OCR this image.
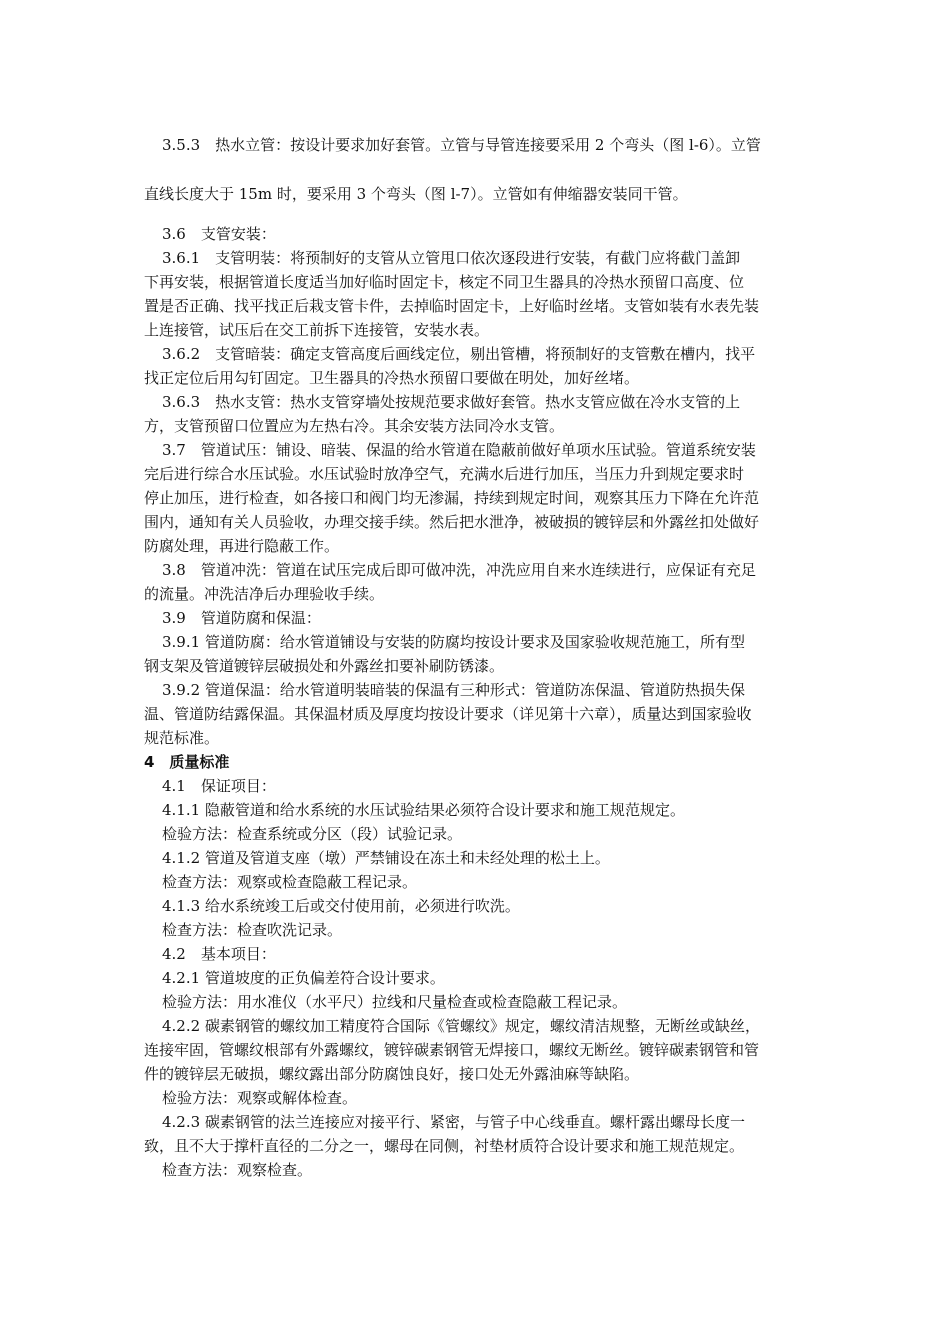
3.5.3　热水立管：按设计要求加好套管。立管与导管连接要采用 2 个弯头（图 l-6）。立管
直线长度大于 15m 时，要采用 3 个弯头（图 l-7）。立管如有伸缩器安装同干管。
3.6　支管安装：
3.6.1　支管明装：将预制好的支管从立管甩口依次逐段进行安装，有截门应将截门盖卸
下再安装，根据管道长度适当加好临时固定卡，核定不同卫生器具的冷热水预留口高度、位
置是否正确、找平找正后栽支管卡件，去掉临时固定卡，上好临时丝堵。支管如装有水表先装
上连接管，试压后在交工前拆下连接管，安装水表。
3.6.2　支管暗装：确定支管高度后画线定位，剔出管槽，将预制好的支管敷在槽内，找平
找正定位后用勾钉固定。卫生器具的冷热水预留口要做在明处，加好丝堵。
3.6.3　热水支管：热水支管穿墙处按规范要求做好套管。热水支管应做在冷水支管的上
方，支管预留口位置应为左热右冷。其余安装方法同冷水支管。
3.7　管道试压：铺设、暗装、保温的给水管道在隐蔽前做好单项水压试验。管道系统安装
完后进行综合水压试验。水压试验时放净空气，充满水后进行加压，当压力升到规定要求时
停止加压，进行检查，如各接口和阀门均无渗漏，持续到规定时间，观察其压力下降在允许范
围内，通知有关人员验收，办理交接手续。然后把水泄净，被破损的镀锌层和外露丝扣处做好
防腐处理，再进行隐蔽工作。
3.8　管道冲洗：管道在试压完成后即可做冲洗，冲洗应用自来水连续进行，应保证有充足
的流量。冲洗洁净后办理验收手续。
3.9　管道防腐和保温：
3.9.1 管道防腐：给水管道铺设与安装的防腐均按设计要求及国家验收规范施工，所有型
钢支架及管道镀锌层破损处和外露丝扣要补刷防锈漆。
3.9.2 管道保温：给水管道明装暗装的保温有三种形式：管道防冻保温、管道防热损失保
温、管道防结露保温。其保温材质及厚度均按设计要求（详见第十六章），质量达到国家验收
规范标准。
4　质量标准
4.1　保证项目：
4.1.1 隐蔽管道和给水系统的水压试验结果必须符合设计要求和施工规范规定。
检验方法：检查系统或分区（段）试验记录。
4.1.2 管道及管道支座（墩）严禁铺设在冻土和未经处理的松土上。
检查方法：观察或检查隐蔽工程记录。
4.1.3 给水系统竣工后或交付使用前，必须进行吹洗。
检查方法：检查吹洗记录。
4.2　基本项目：
4.2.1 管道坡度的正负偏差符合设计要求。
检验方法：用水准仪（水平尺）拉线和尺量检查或检查隐蔽工程记录。
4.2.2 碳素钢管的螺纹加工精度符合国际《管螺纹》规定，螺纹清洁规整，无断丝或缺丝，
连接牢固，管螺纹根部有外露螺纹，镀锌碳素钢管无焊接口，螺纹无断丝。镀锌碳素钢管和管
件的镀锌层无破损，螺纹露出部分防腐蚀良好，接口处无外露油麻等缺陷。
检验方法：观察或解体检查。
4.2.3 碳素钢管的法兰连接应对接平行、紧密，与管子中心线垂直。螺杆露出螺母长度一
致，且不大于撑杆直径的二分之一，螺母在同侧，衬垫材质符合设计要求和施工规范规定。
检查方法：观察检查。
